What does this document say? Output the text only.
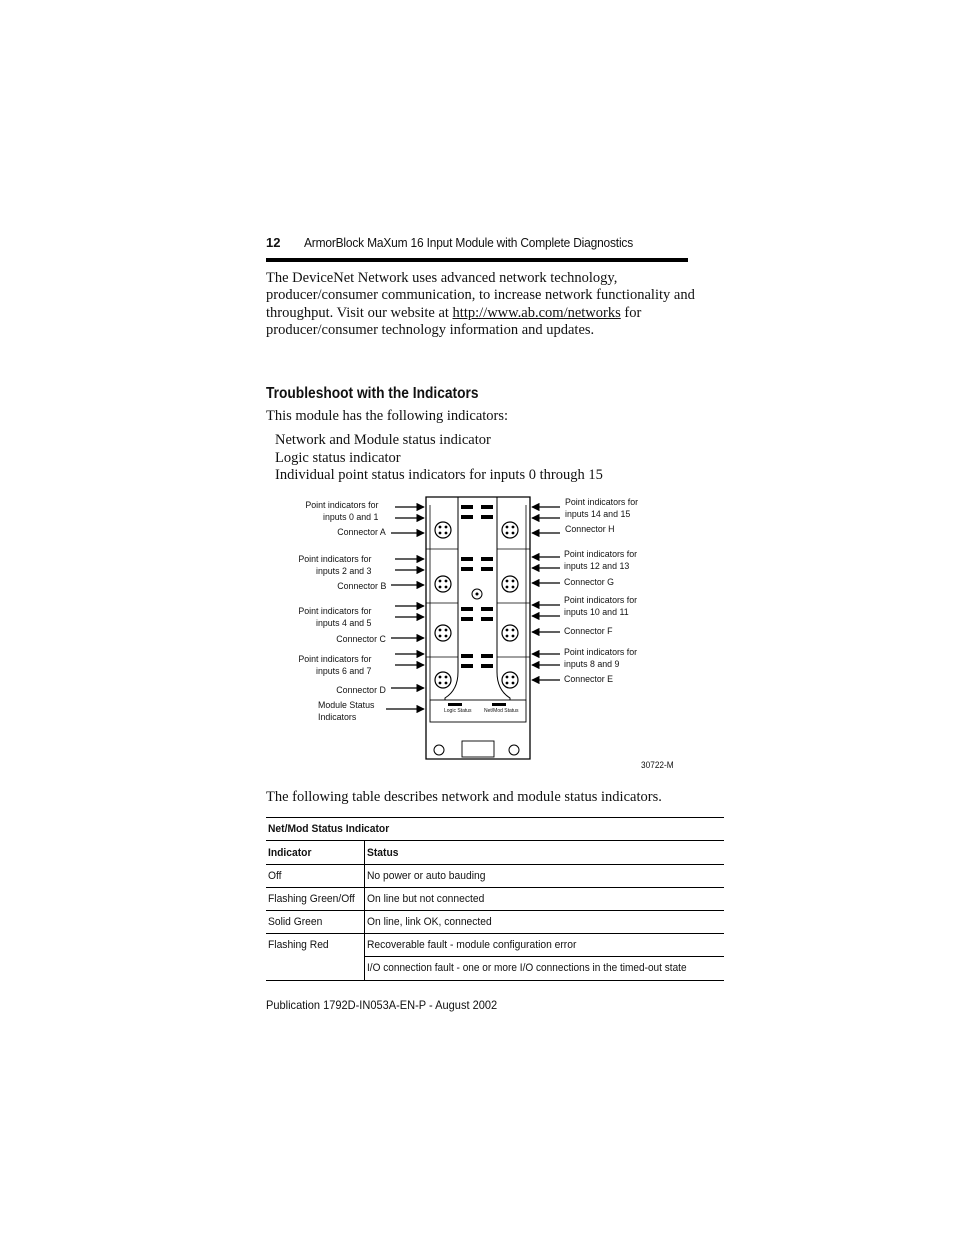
12 ArmorBlock MaXum 16 Input Module with Complete Diagnostics
The DeviceNet Network uses advanced network technology, producer/consumer communication, to increase network functionality and throughput. Visit our website at http://www.ab.com/networks for producer/consumer technology information and updates.
Troubleshoot with the Indicators
This module has the following indicators:
Network and Module status indicator
Logic status indicator
Individual point status indicators for inputs 0 through 15
Point indicators for
inputs 0 and 1
Connector A
Point indicators for
inputs 2 and 3
Connector B
Point indicators for
inputs 4 and 5
Connector C
Point indicators for
inputs 6 and 7
Connector D
Module Status
Indicators
Point indicators for
inputs 14 and 15
Connector H
Point indicators for
inputs 12 and 13
Connector G
Point indicators for
inputs 10 and 11
Connector F
Point indicators for
inputs 8 and 9
Connector E
Logic Status Net/Mod Status
30722-M
The following table describes network and module status indicators.
Net/Mod Status Indicator	
Indicator	Status
Off	No power or auto bauding
Flashing Green/Off	On line but not connected
Solid Green	On line, link OK, connected
Flashing Red	Recoverable fault - module configuration error
	I/O connection fault - one or more I/O connections in the timed-out state
Publication 1792D-IN053A-EN-P - August 2002
